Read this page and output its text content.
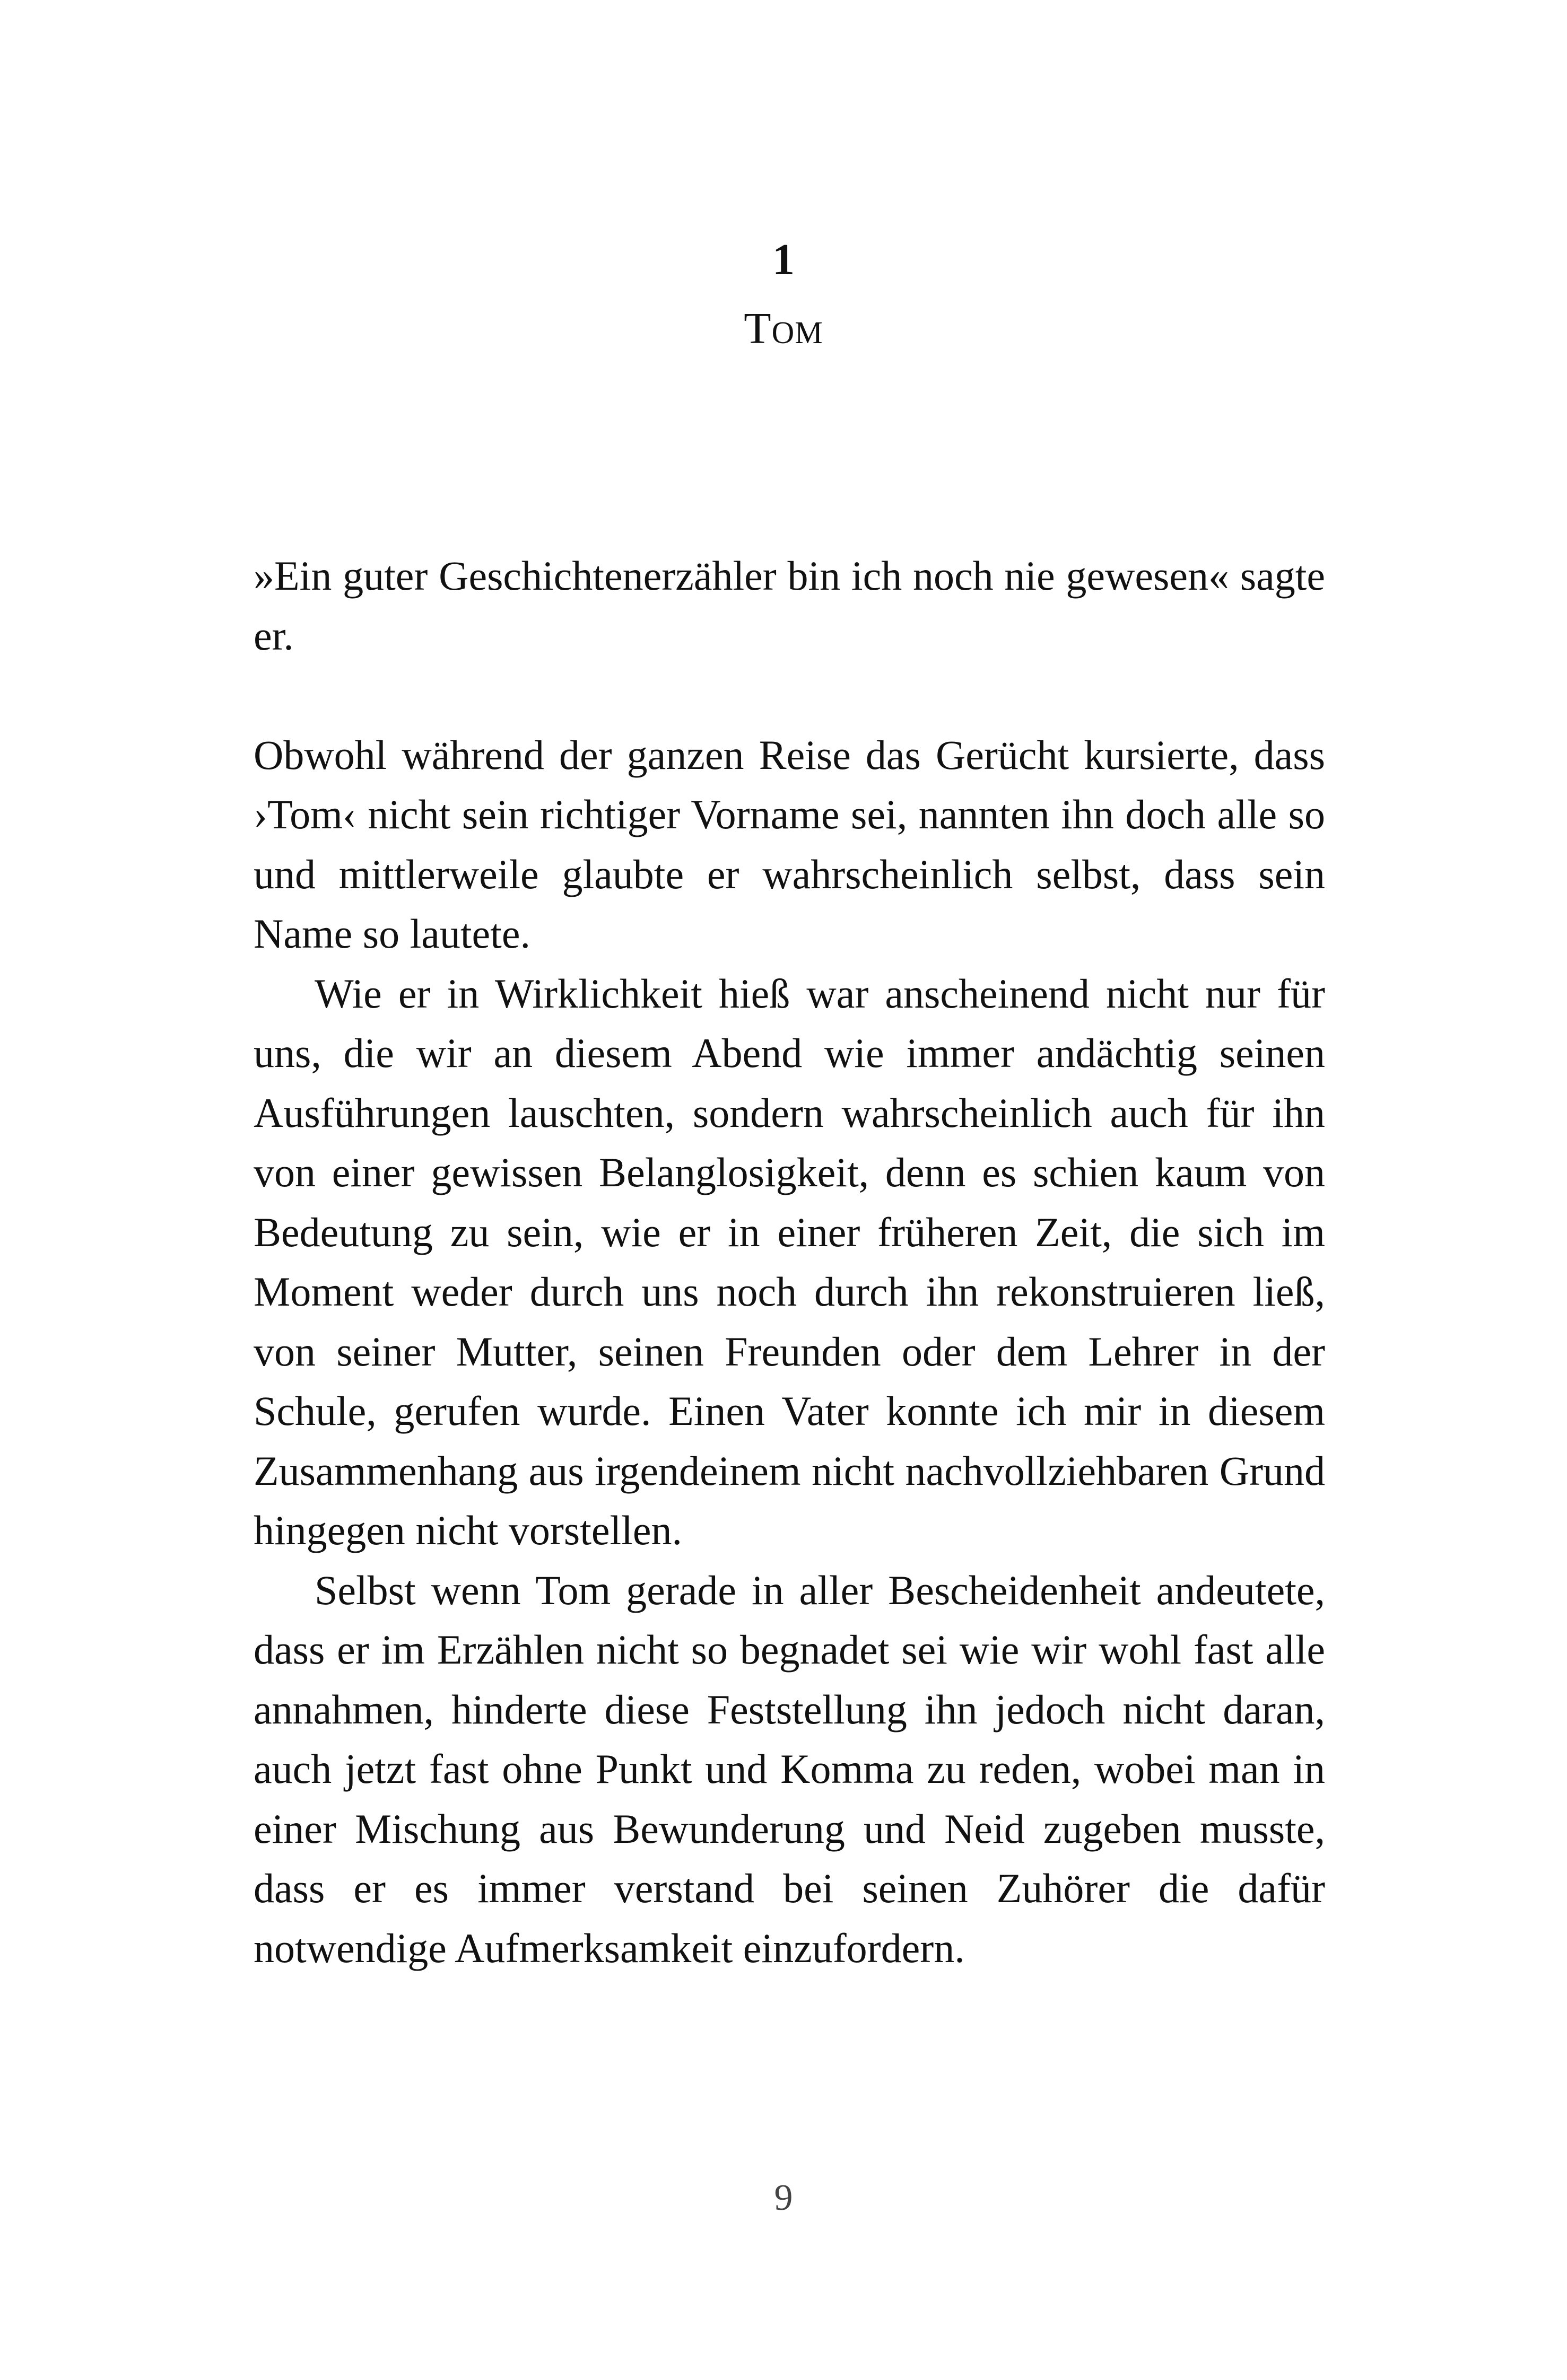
1
Tom

»Ein guter Geschichtenerzähler bin ich noch nie gewesen« sagte er.

Obwohl während der ganzen Reise das Gerücht kursierte, dass ›Tom‹ nicht sein richtiger Vorname sei, nannten ihn doch alle so und mittlerweile glaubte er wahrscheinlich selbst, dass sein Name so lautete.

Wie er in Wirklichkeit hieß war anscheinend nicht nur für uns, die wir an diesem Abend wie immer andächtig seinen Ausführungen lauschten, sondern wahrscheinlich auch für ihn von einer gewissen Belanglosigkeit, denn es schien kaum von Bedeutung zu sein, wie er in einer früheren Zeit, die sich im Moment weder durch uns noch durch ihn rekonstruieren ließ, von seiner Mutter, seinen Freunden oder dem Lehrer in der Schule, gerufen wurde. Einen Vater konnte ich mir in diesem Zusammenhang aus irgendeinem nicht nachvollziehbaren Grund hingegen nicht vorstellen.

Selbst wenn Tom gerade in aller Bescheidenheit andeutete, dass er im Erzählen nicht so begnadet sei wie wir wohl fast alle annahmen, hinderte diese Feststellung ihn jedoch nicht daran, auch jetzt fast ohne Punkt und Komma zu reden, wobei man in einer Mischung aus Bewunderung und Neid zugeben musste, dass er es immer verstand bei seinen Zuhörer die dafür notwendige Aufmerksamkeit einzufordern.

9
